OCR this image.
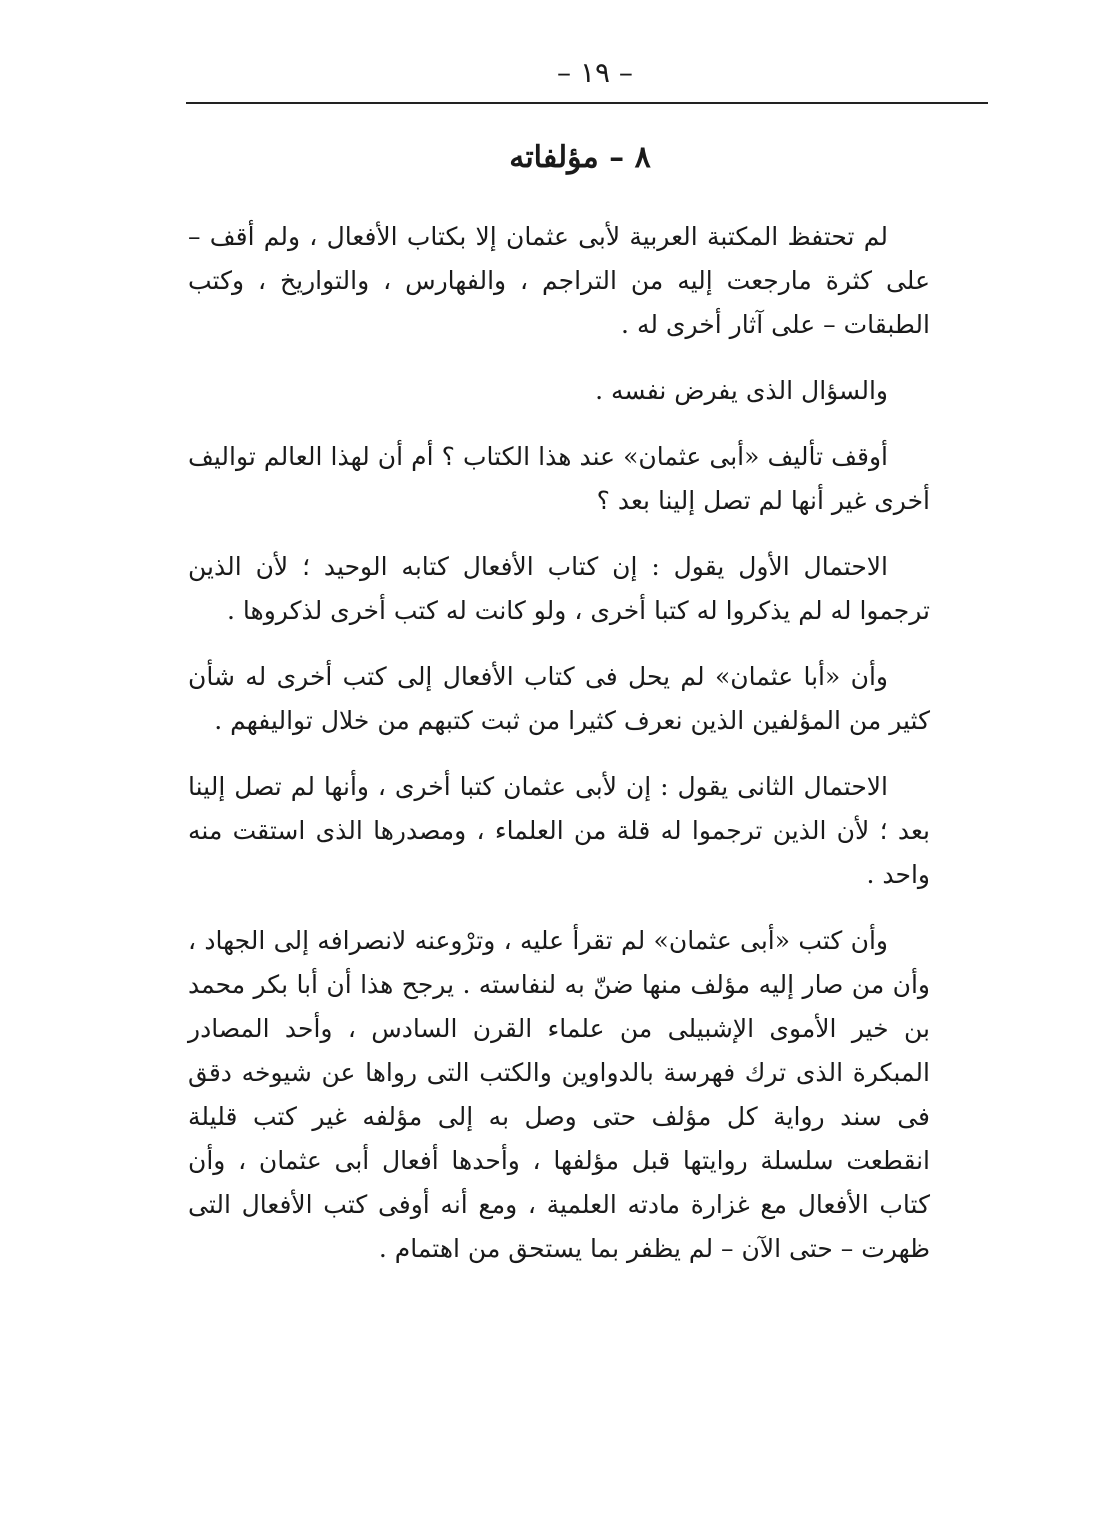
– ١٩ –
٨ – مؤلفاته

لم تحتفظ المكتبة العربية لأبى عثمان إلا بكتاب الأفعال ، ولم أقف – على كثرة مارجعت إليه من التراجم ، والفهارس ، والتواريخ ، وكتب الطبقات – على آثار أخرى له .

والسؤال الذى يفرض نفسه .

أوقف تأليف «أبى عثمان» عند هذا الكتاب ؟ أم أن لهذا العالم تواليف أخرى غير أنها لم تصل إلينا بعد ؟

الاحتمال الأول يقول : إن كتاب الأفعال كتابه الوحيد ؛ لأن الذين ترجموا له لم يذكروا له كتبا أخرى ، ولو كانت له كتب أخرى لذكروها .

وأن «أبا عثمان» لم يحل فى كتاب الأفعال إلى كتب أخرى له شأن كثير من المؤلفين الذين نعرف كثيرا من ثبت كتبهم من خلال تواليفهم .

الاحتمال الثانى يقول : إن لأبى عثمان كتبا أخرى ، وأنها لم تصل إلينا بعد ؛ لأن الذين ترجموا له قلة من العلماء ، ومصدرها الذى استقت منه واحد .

وأن كتب «أبى عثمان» لم تقرأ عليه ، وترْوعنه لانصرافه إلى الجهاد ، وأن من صار إليه مؤلف منها ضنّ به لنفاسته . يرجح هذا أن أبا بكر محمد بن خير الأموى الإشبيلى من علماء القرن السادس ، وأحد المصادر المبكرة الذى ترك فهرسة بالدواوين والكتب التى رواها عن شيوخه دقق فى سند رواية كل مؤلف حتى وصل به إلى مؤلفه غير كتب قليلة انقطعت سلسلة روايتها قبل مؤلفها ، وأحدها أفعال أبى عثمان ، وأن كتاب الأفعال مع غزارة مادته العلمية ، ومع أنه أوفى كتب الأفعال التى ظهرت – حتى الآن – لم يظفر بما يستحق من اهتمام .
